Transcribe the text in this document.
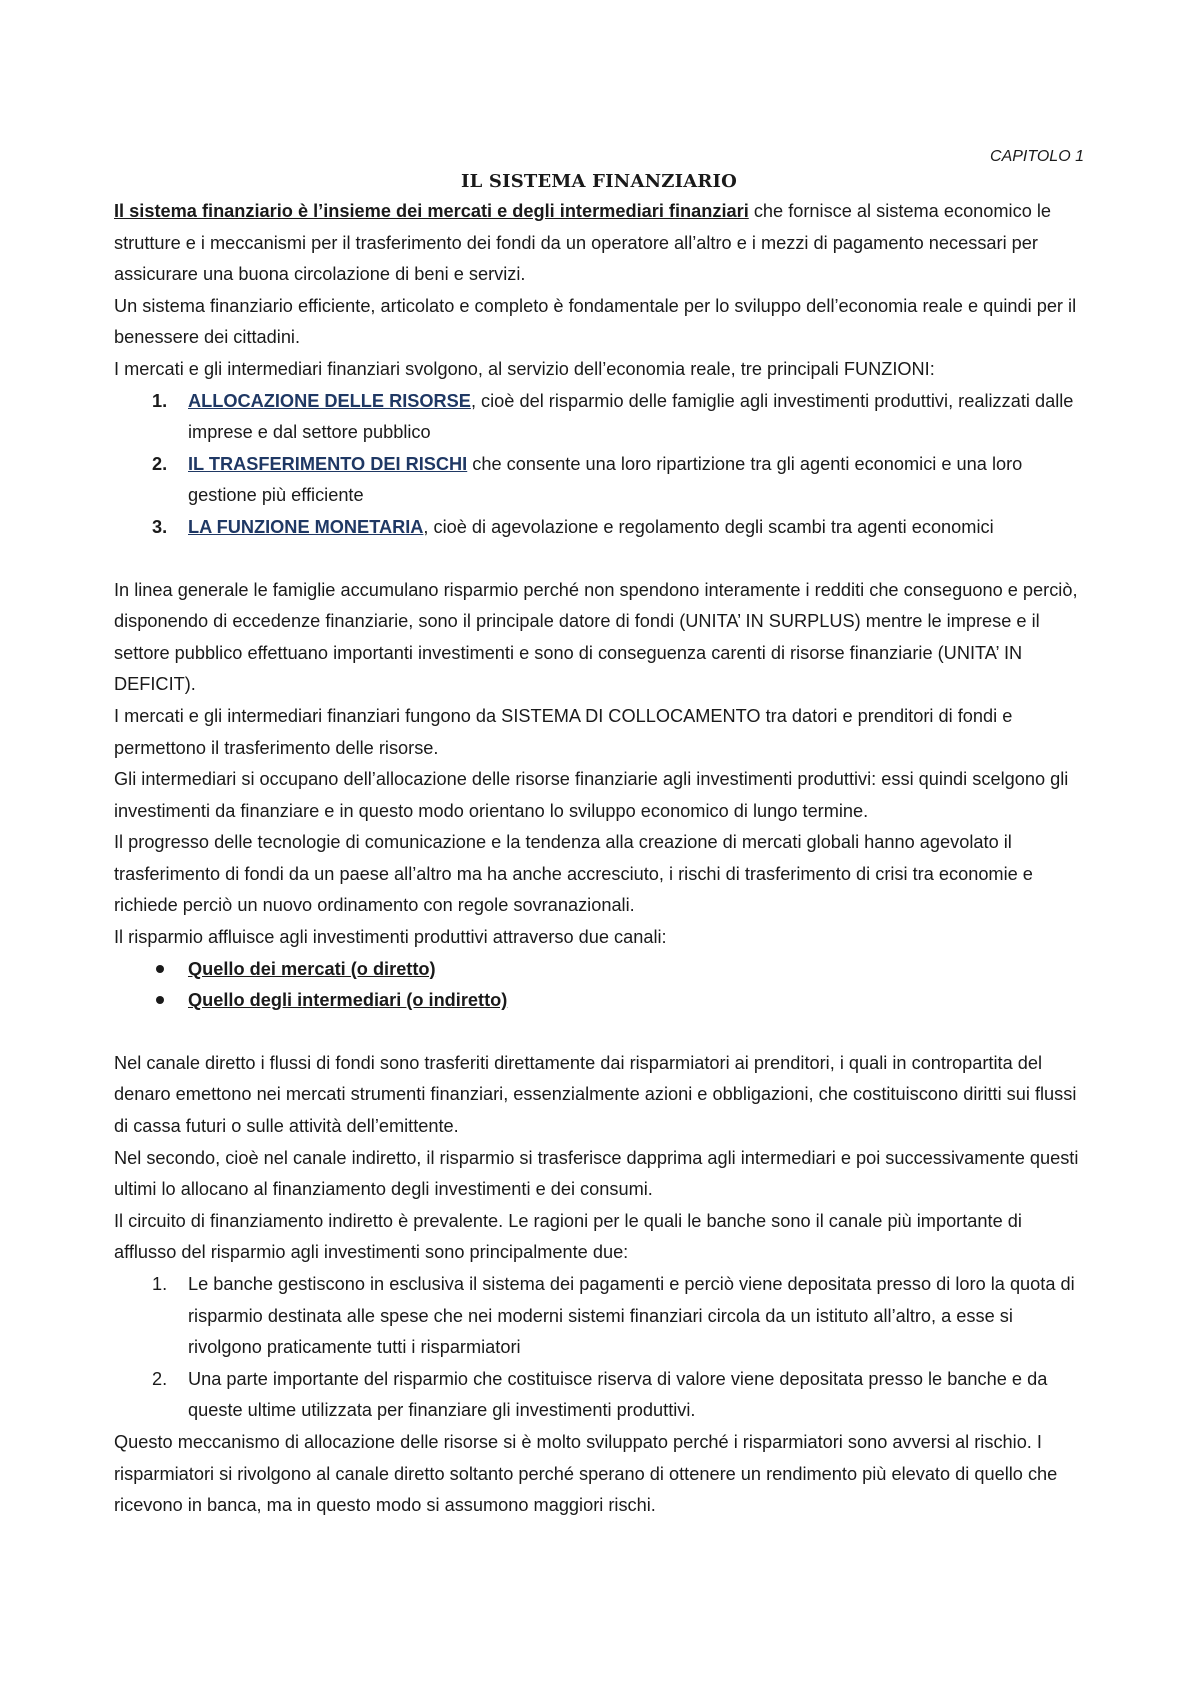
CAPITOLO 1
IL SISTEMA FINANZIARIO

Il sistema finanziario è l’insieme dei mercati e degli intermediari finanziari che fornisce al sistema economico le strutture e i meccanismi per il trasferimento dei fondi da un operatore all’altro e i mezzi di pagamento necessari per assicurare una buona circolazione di beni e servizi.

Un sistema finanziario efficiente, articolato e completo è fondamentale per lo sviluppo dell’economia reale e quindi per il benessere dei cittadini.

I mercati e gli intermediari finanziari svolgono, al servizio dell’economia reale, tre principali FUNZIONI:

1. ALLOCAZIONE DELLE RISORSE, cioè del risparmio delle famiglie agli investimenti produttivi, realizzati dalle imprese e dal settore pubblico
2. IL TRASFERIMENTO DEI RISCHI che consente una loro ripartizione tra gli agenti economici e una loro gestione più efficiente
3. LA FUNZIONE MONETARIA, cioè di agevolazione e regolamento degli scambi tra agenti economici

In linea generale le famiglie accumulano risparmio perché non spendono interamente i redditi che conseguono e perciò, disponendo di eccedenze finanziarie, sono il principale datore di fondi (UNITA’ IN SURPLUS) mentre le imprese e il settore pubblico effettuano importanti investimenti e sono di conseguenza carenti di risorse finanziarie (UNITA’ IN DEFICIT).

I mercati e gli intermediari finanziari fungono da SISTEMA DI COLLOCAMENTO tra datori e prenditori di fondi e permettono il trasferimento delle risorse.

Gli intermediari si occupano dell’allocazione delle risorse finanziarie agli investimenti produttivi: essi quindi scelgono gli investimenti da finanziare e in questo modo orientano lo sviluppo economico di lungo termine.

Il progresso delle tecnologie di comunicazione e la tendenza alla creazione di mercati globali hanno agevolato il trasferimento di fondi da un paese all’altro ma ha anche accresciuto, i rischi di trasferimento di crisi tra economie e richiede perciò un nuovo ordinamento con regole sovranazionali.

Il risparmio affluisce agli investimenti produttivi attraverso due canali:

Quello dei mercati (o diretto)
Quello degli intermediari (o indiretto)

Nel canale diretto i flussi di fondi sono trasferiti direttamente dai risparmiatori ai prenditori, i quali in contropartita del denaro emettono nei mercati strumenti finanziari, essenzialmente azioni e obbligazioni, che costituiscono diritti sui flussi di cassa futuri o sulle attività dell’emittente.

Nel secondo, cioè nel canale indiretto, il risparmio si trasferisce dapprima agli intermediari e poi successivamente questi ultimi lo allocano al finanziamento degli investimenti e dei consumi.

Il circuito di finanziamento indiretto è prevalente. Le ragioni per le quali le banche sono il canale più importante di afflusso del risparmio agli investimenti sono principalmente due:

1. Le banche gestiscono in esclusiva il sistema dei pagamenti e perciò viene depositata presso di loro la quota di risparmio destinata alle spese che nei moderni sistemi finanziari circola da un istituto all’altro, a esse si rivolgono praticamente tutti i risparmiatori
2. Una parte importante del risparmio che costituisce riserva di valore viene depositata presso le banche e da queste ultime utilizzata per finanziare gli investimenti produttivi.

Questo meccanismo di allocazione delle risorse si è molto sviluppato perché i risparmiatori sono avversi al rischio. I risparmiatori si rivolgono al canale diretto soltanto perché sperano di ottenere un rendimento più elevato di quello che ricevono in banca, ma in questo modo si assumono maggiori rischi.
